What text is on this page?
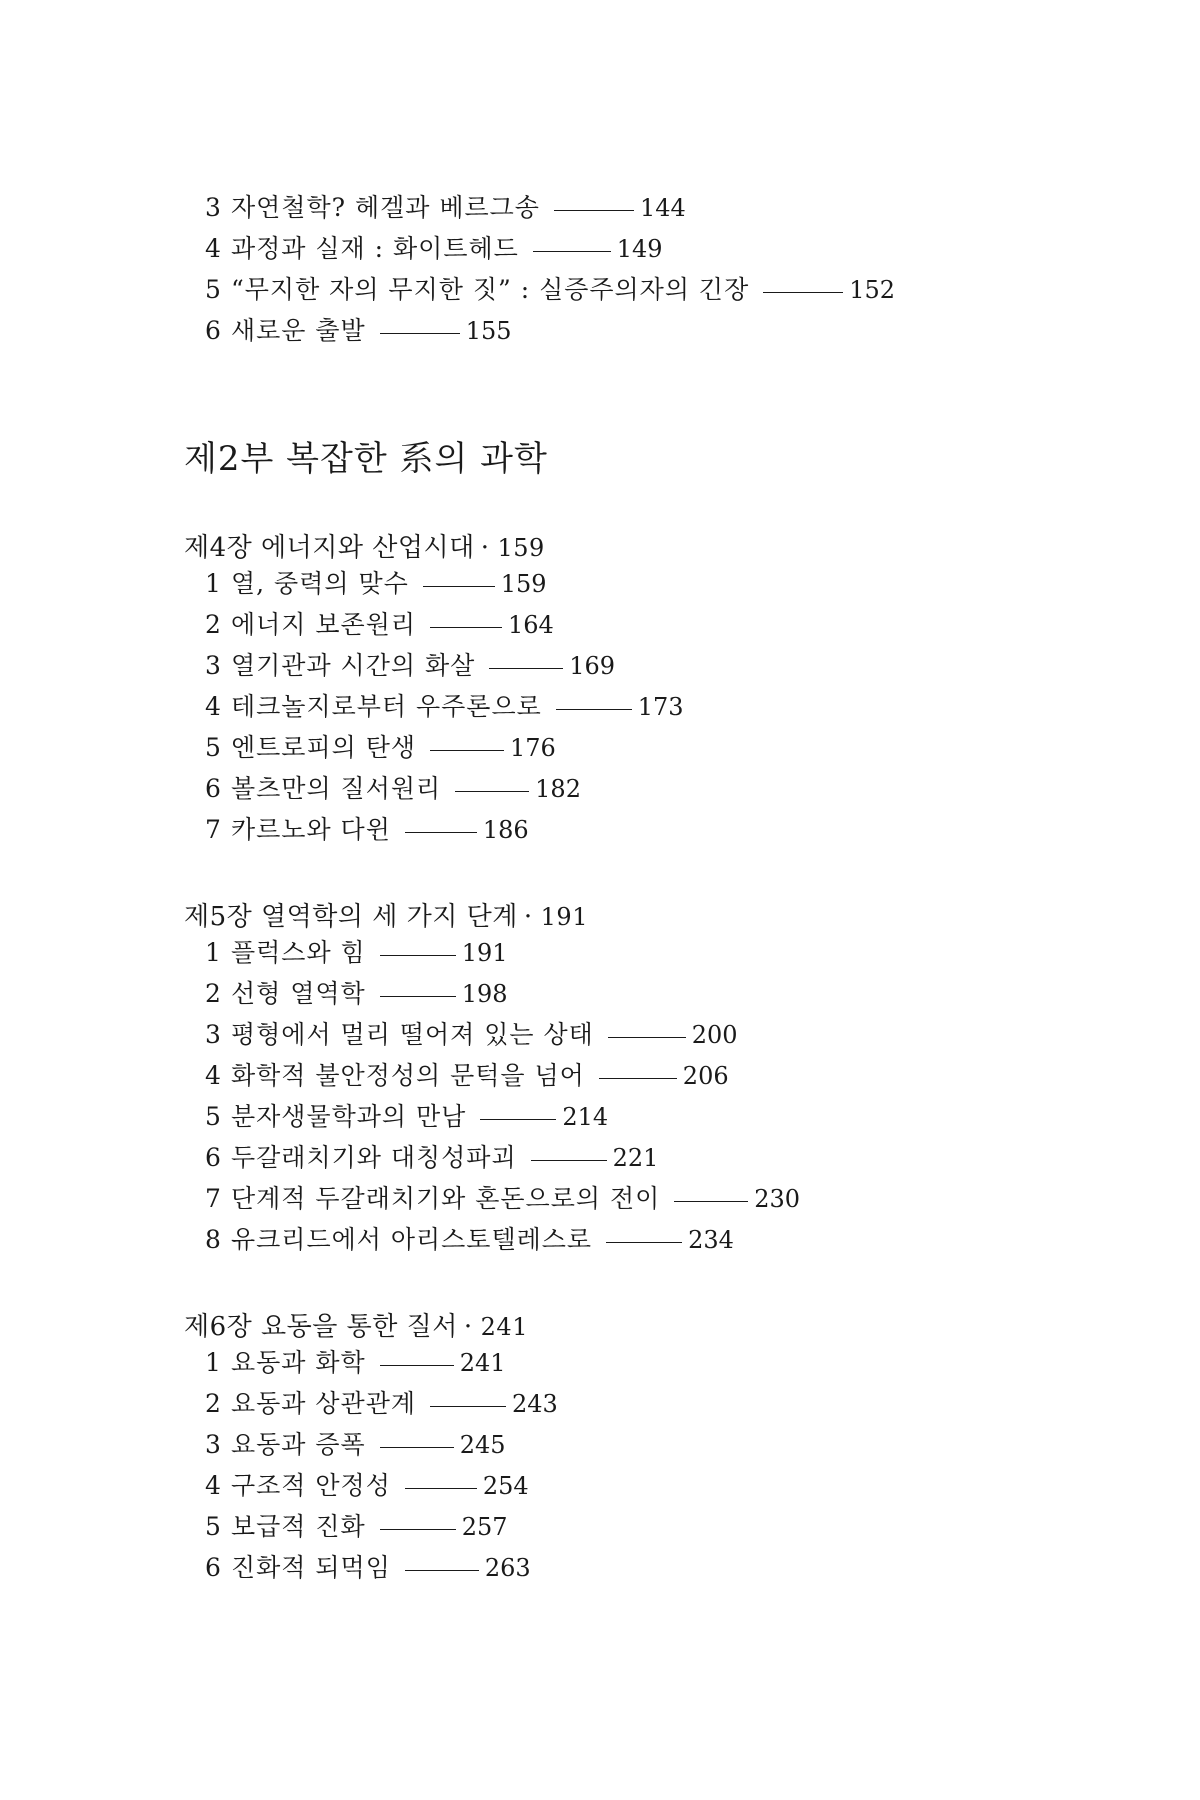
3 자연철학? 헤겔과 베르그송	144
4 과정과 실재 : 화이트헤드	149
5 “무지한 자의 무지한 짓” : 실증주의자의 긴장	152
6 새로운 출발	155
제2부 복잡한 系의 과학
제4장 에너지와 산업시대 · 159
1 열, 중력의 맞수	159
2 에너지 보존원리	164
3 열기관과 시간의 화살	169
4 테크놀지로부터 우주론으로	173
5 엔트로피의 탄생	176
6 볼츠만의 질서원리	182
7 카르노와 다윈	186
제5장 열역학의 세 가지 단계 · 191
1 플럭스와 힘	191
2 선형 열역학	198
3 평형에서 멀리 떨어져 있는 상태	200
4 화학적 불안정성의 문턱을 넘어	206
5 분자생물학과의 만남	214
6 두갈래치기와 대칭성파괴	221
7 단계적 두갈래치기와 혼돈으로의 전이	230
8 유크리드에서 아리스토텔레스로	234
제6장 요동을 통한 질서 · 241
1 요동과 화학	241
2 요동과 상관관계	243
3 요동과 증폭	245
4 구조적 안정성	254
5 보급적 진화	257
6 진화적 되먹임	263
